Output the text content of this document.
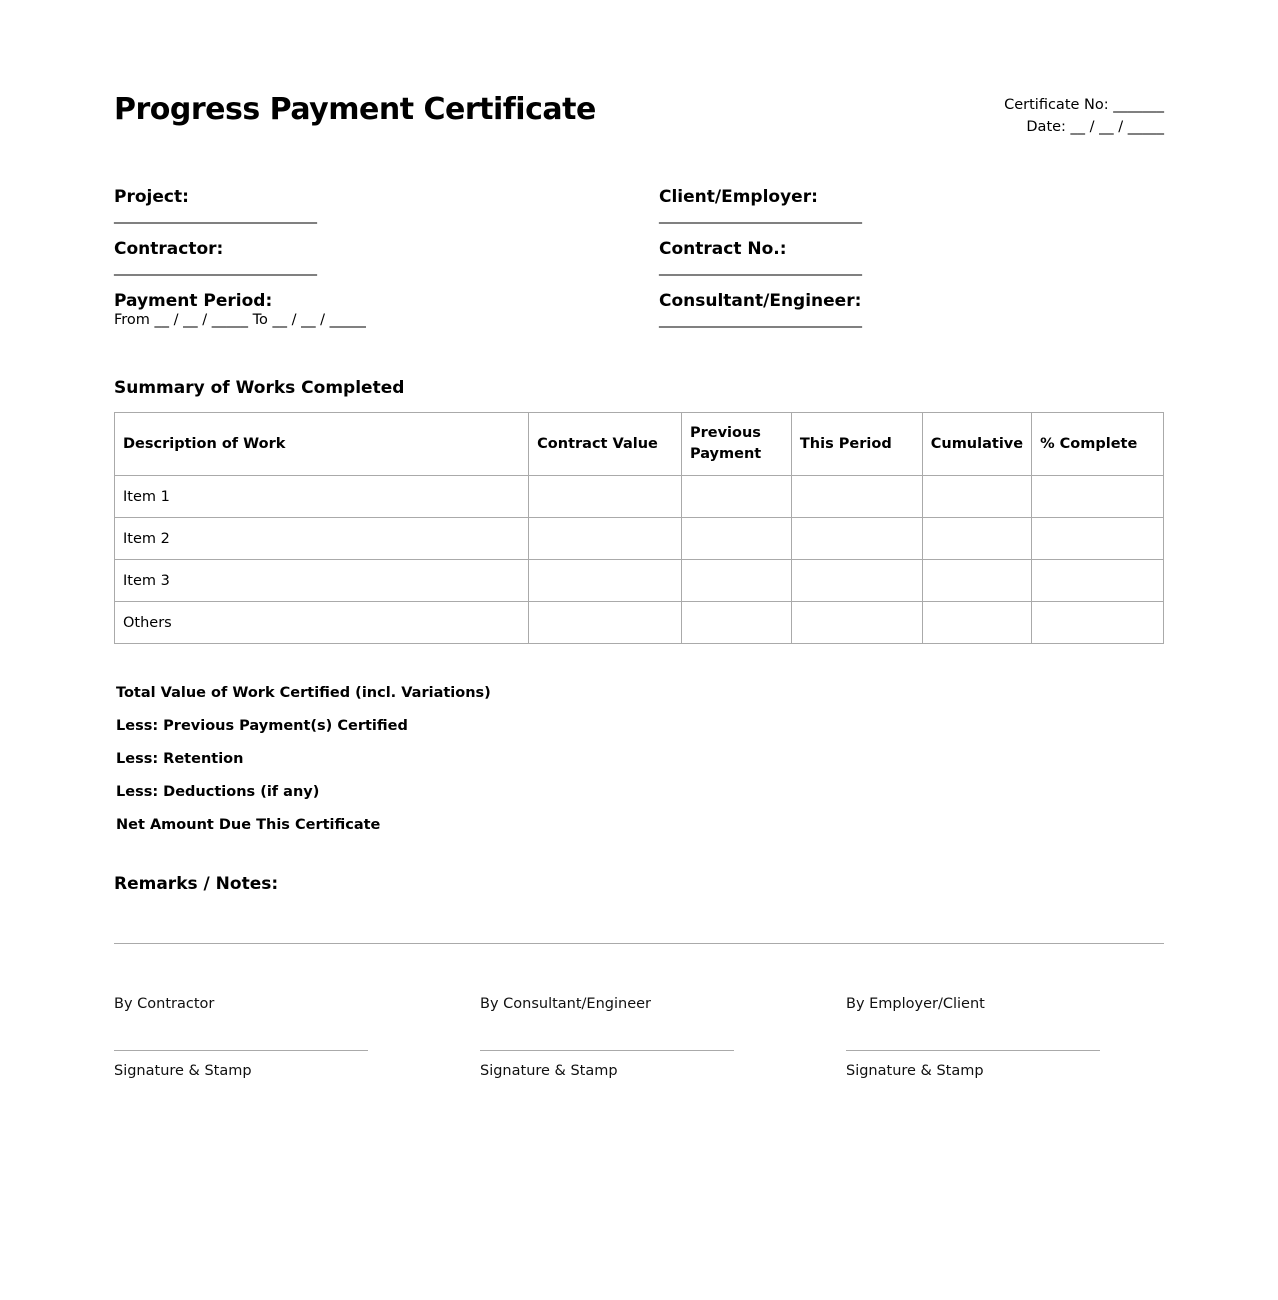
Progress Payment Certificate	Certificate No: _______
Date: __ / __ / _____
Project:
______________________________
Contractor:
______________________________
Payment Period:
From __ / __ / _____ To __ / __ / _____
Client/Employer:
______________________________
Contract No.:
______________________________
Consultant/Engineer:
______________________________
Summary of Works Completed
Description of Work	Contract Value	Previous Payment	This Period	Cumulative	% Complete
Item 1					
Item 2					
Item 3					
Others					
Total Value of Work Certified (incl. Variations)
Less: Previous Payment(s) Certified
Less: Retention
Less: Deductions (if any)
Net Amount Due This Certificate
Remarks / Notes:
By Contractor
Signature & Stamp
By Consultant/Engineer
Signature & Stamp
By Employer/Client
Signature & Stamp
